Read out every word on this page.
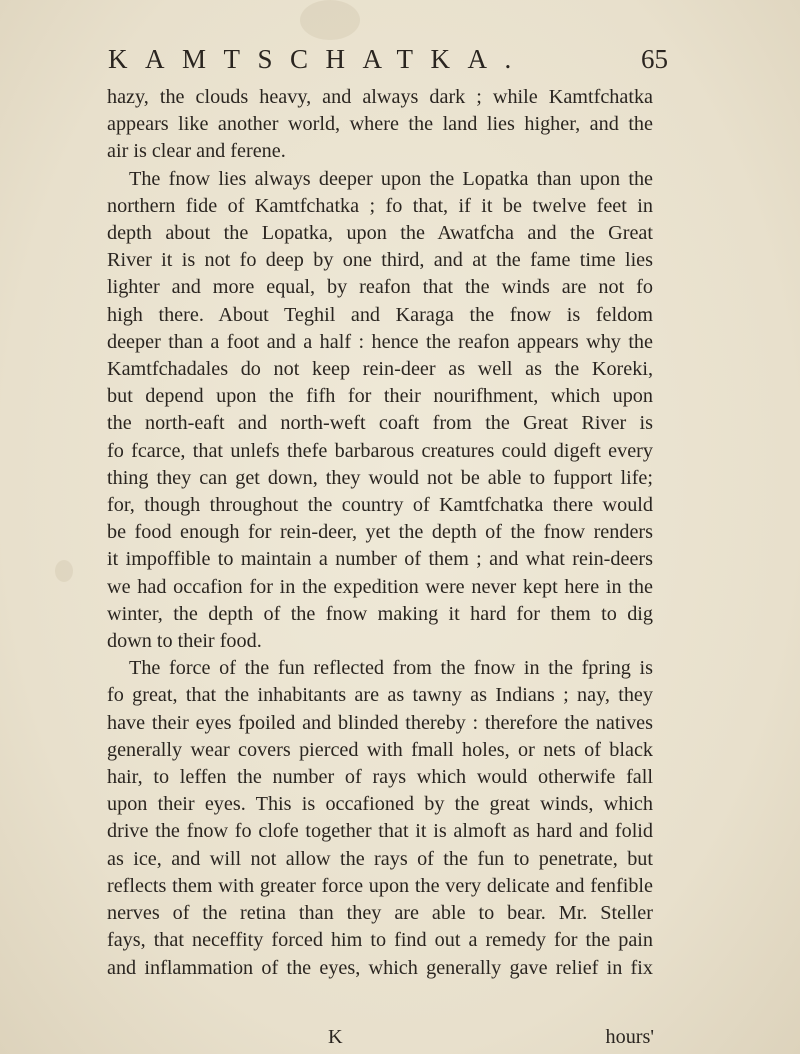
KAMTSCHATKA.	65
hazy, the clouds heavy, and always dark ; while Kamtfchatka
appears like another world, where the land lies higher, and the
air is clear and ferene.
The fnow lies always deeper upon the Lopatka than upon the
northern fide of Kamtfchatka ; fo that, if it be twelve feet in
depth about the Lopatka, upon the Awatfcha and the Great
River it is not fo deep by one third, and at the fame time lies
lighter and more equal, by reafon that the winds are not fo
high there. About Teghil and Karaga the fnow is feldom
deeper than a foot and a half : hence the reafon appears why the
Kamtfchadales do not keep rein-deer as well as the Koreki,
but depend upon the fifh for their nourifhment, which upon
the north-eaft and north-weft coaft from the Great River is
fo fcarce, that unlefs thefe barbarous creatures could digeft every
thing they can get down, they would not be able to fupport life;
for, though throughout the country of Kamtfchatka there would
be food enough for rein-deer, yet the depth of the fnow renders
it impoffible to maintain a number of them ; and what rein-deers
we had occafion for in the expedition were never kept here in the
winter, the depth of the fnow making it hard for them to dig
down to their food.
The force of the fun reflected from the fnow in the fpring is
fo great, that the inhabitants are as tawny as Indians ; nay, they
have their eyes fpoiled and blinded thereby : therefore the natives
generally wear covers pierced with fmall holes, or nets of black
hair, to leffen the number of rays which would otherwife fall
upon their eyes. This is occafioned by the great winds, which
drive the fnow fo clofe together that it is almoft as hard and folid
as ice, and will not allow the rays of the fun to penetrate, but
reflects them with greater force upon the very delicate and fenfible
nerves of the retina than they are able to bear. Mr. Steller
fays, that neceffity forced him to find out a remedy for the pain
and inflammation of the eyes, which generally gave relief in fix
K	hours'
